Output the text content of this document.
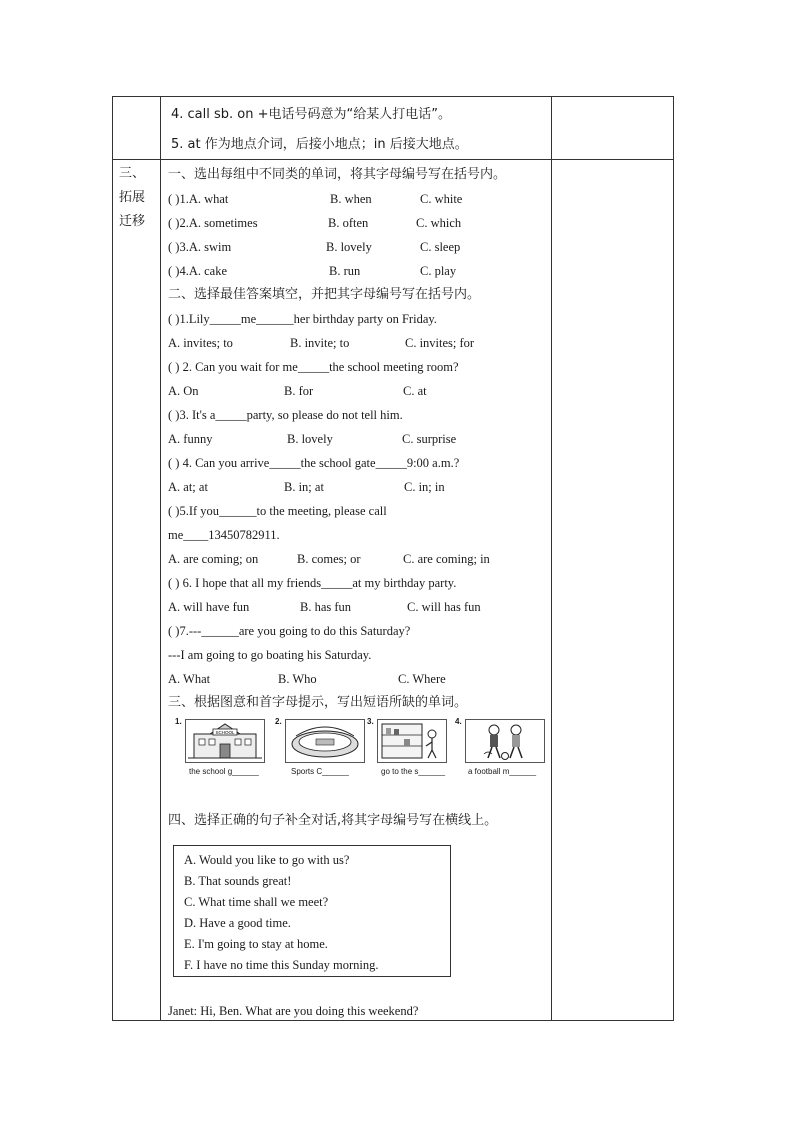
4. call sb. on +电话号码意为“给某人打电话”。
5. at 作为地点介词，后接小地点；in 后接大地点。
三、
拓展
迁移
一、选出每组中不同类的单词，将其字母编号写在括号内。
( )1.A. what	B. when	C. white
( )2.A. sometimes	B. often	C. which
( )3.A. swim	B. lovely	C. sleep
( )4.A. cake	B. run	C. play
二、选择最佳答案填空，并把其字母编号写在括号内。
( )1.Lily_____me______her birthday party on Friday.
A. invites; to	B. invite; to	C. invites; for
( ) 2. Can you wait for me_____the school meeting room?
A. On	B. for	C. at
( )3. It's a_____party, so please do not tell him.
A. funny	B. lovely	C. surprise
( ) 4. Can you arrive_____the school gate_____9:00 a.m.?
A. at; at	B. in; at	C. in; in
( )5.If you______to the meeting, please call
me____13450782911.
A. are coming; on	B. comes; or	C. are coming; in
( ) 6. I hope that all my friends_____at my birthday party.
A. will have fun	B. has fun	C. will has fun
( )7.---______are you going to do this Saturday?
---I am going to go boating his Saturday.
A. What	B. Who	C. Where
三、根据图意和首字母提示，写出短语所缺的单词。
1.
SCHOOL
the school g______
2.
Sports C______
3.
go to the s______
4.
a football m______
四、选择正确的句子补全对话,将其字母编号写在横线上。
A. Would you like to go with us?
B. That sounds great!
C. What time shall we meet?
D. Have a good time.
E. I'm going to stay at home.
F. I have no time this Sunday morning.
Janet: Hi, Ben. What are you doing this weekend?
